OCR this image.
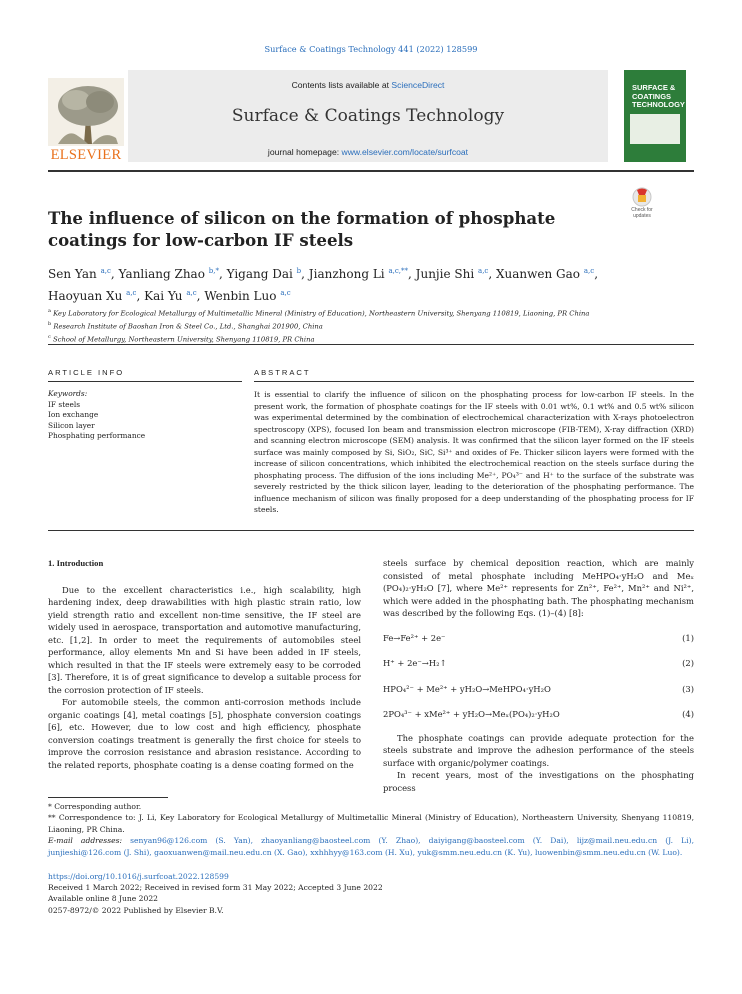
Surface & Coatings Technology 441 (2022) 128599
ELSEVIER
Contents lists available at ScienceDirect
Surface & Coatings Technology
journal homepage: www.elsevier.com/locate/surfcoat
SURFACE &
COATINGS
TECHNOLOGY
Check for
updates
The influence of silicon on the formation of phosphate coatings for low-carbon IF steels
Sen Yan $^{a,c}$, Yanliang Zhao $^{b,*}$, Yigang Dai $^b$, Jianzhong Li $^{a,c,**}$, Junjie Shi $^{a,c}$, Xuanwen Gao $^{a,c}$,
Haoyuan Xu $^{a,c}$, Kai Yu $^{a,c}$, Wenbin Luo $^{a,c}$
$^a$ Key Laboratory for Ecological Metallurgy of Multimetallic Mineral (Ministry of Education), Northeastern University, Shenyang 110819, Liaoning, PR China
$^b$ Research Institute of Baoshan Iron & Steel Co., Ltd., Shanghai 201900, China
$^c$ School of Metallurgy, Northeastern University, Shenyang 110819, PR China
ARTICLE INFO	ABSTRACT
Keywords:
IF steels
Ion exchange
Silicon layer
Phosphating performance
It is essential to clarify the influence of silicon on the phosphating process for low-carbon IF steels. In the present work, the formation of phosphate coatings for the IF steels with 0.01 wt%, 0.1 wt% and 0.5 wt% silicon was experimental determined by the combination of electrochemical characterization with X-rays photoelectron spectroscopy (XPS), focused Ion beam and transmission electron microscope (FIB-TEM), X-ray diffraction (XRD) and scanning electron microscope (SEM) analysis. It was confirmed that the silicon layer formed on the IF steels surface was mainly composed by Si, SiO₂, SiC, Si³⁺ and oxides of Fe. Thicker silicon layers were formed with the increase of silicon concentrations, which inhibited the electrochemical reaction on the steels surface during the phosphating process. The diffusion of the ions including Me²⁺, PO₄³⁻ and H⁺ to the surface of the substrate was severely restricted by the thick silicon layer, leading to the deterioration of the phosphating performance. The influence mechanism of silicon was finally proposed for a deep understanding of the phosphating process for IF steels.
1. Introduction

Due to the excellent characteristics i.e., high scalability, high hardening index, deep drawabilities with high plastic strain ratio, low yield strength ratio and excellent non-time sensitive, the IF steel are widely used in aerospace, transportation and automotive manufacturing, etc. [1,2]. In order to meet the requirements of automobiles steel performance, alloy elements Mn and Si have been added in IF steels, which resulted in that the IF steels were extremely easy to be corroded [3]. Therefore, it is of great significance to develop a suitable process for the corrosion protection of IF steels.

For automobile steels, the common anti-corrosion methods include organic coatings [4], metal coatings [5], phosphate conversion coatings [6], etc. However, due to low cost and high efficiency, phosphate conversion coatings treatment is generally the first choice for steels to improve the corrosion resistance and abrasion resistance. According to the related reports, phosphate coating is a dense coating formed on the

steels surface by chemical deposition reaction, which are mainly consisted of metal phosphate including MeHPO₄·yH₂O and Meₓ (PO₄)₂·yH₂O [7], where Me²⁺ represents for Zn²⁺, Fe²⁺, Mn²⁺ and Ni²⁺, which were added in the phosphating bath. The phosphating mechanism was described by the following Eqs. (1)–(4) [8]:

Fe→Fe²⁺ + 2e⁻	(1)
H⁺ + 2e⁻→H₂↑	(2)
HPO₄²⁻ + Me²⁺ + yH₂O→MeHPO₄·yH₂O	(3)
2PO₄³⁻ + xMe²⁺ + yH₂O→Meₓ(PO₄)₂·yH₂O	(4)

The phosphate coatings can provide adequate protection for the steels substrate and improve the adhesion performance of the steels surface with organic/polymer coatings.

In recent years, most of the investigations on the phosphating process

* Corresponding author.
** Correspondence to: J. Li, Key Laboratory for Ecological Metallurgy of Multimetallic Mineral (Ministry of Education), Northeastern University, Shenyang 110819, Liaoning, PR China.
E-mail addresses: senyan96@126.com (S. Yan), zhaoyanliang@baosteel.com (Y. Zhao), daiyigang@baosteel.com (Y. Dai), lijz@mail.neu.edu.cn (J. Li), junjieshi@126.com (J. Shi), gaoxuanwen@mail.neu.edu.cn (X. Gao), xxhhhyy@163.com (H. Xu), yuk@smm.neu.edu.cn (K. Yu), luowenbin@smm.neu.edu.cn (W. Luo).
https://doi.org/10.1016/j.surfcoat.2022.128599
Received 1 March 2022; Received in revised form 31 May 2022; Accepted 3 June 2022
Available online 8 June 2022
0257-8972/© 2022 Published by Elsevier B.V.
